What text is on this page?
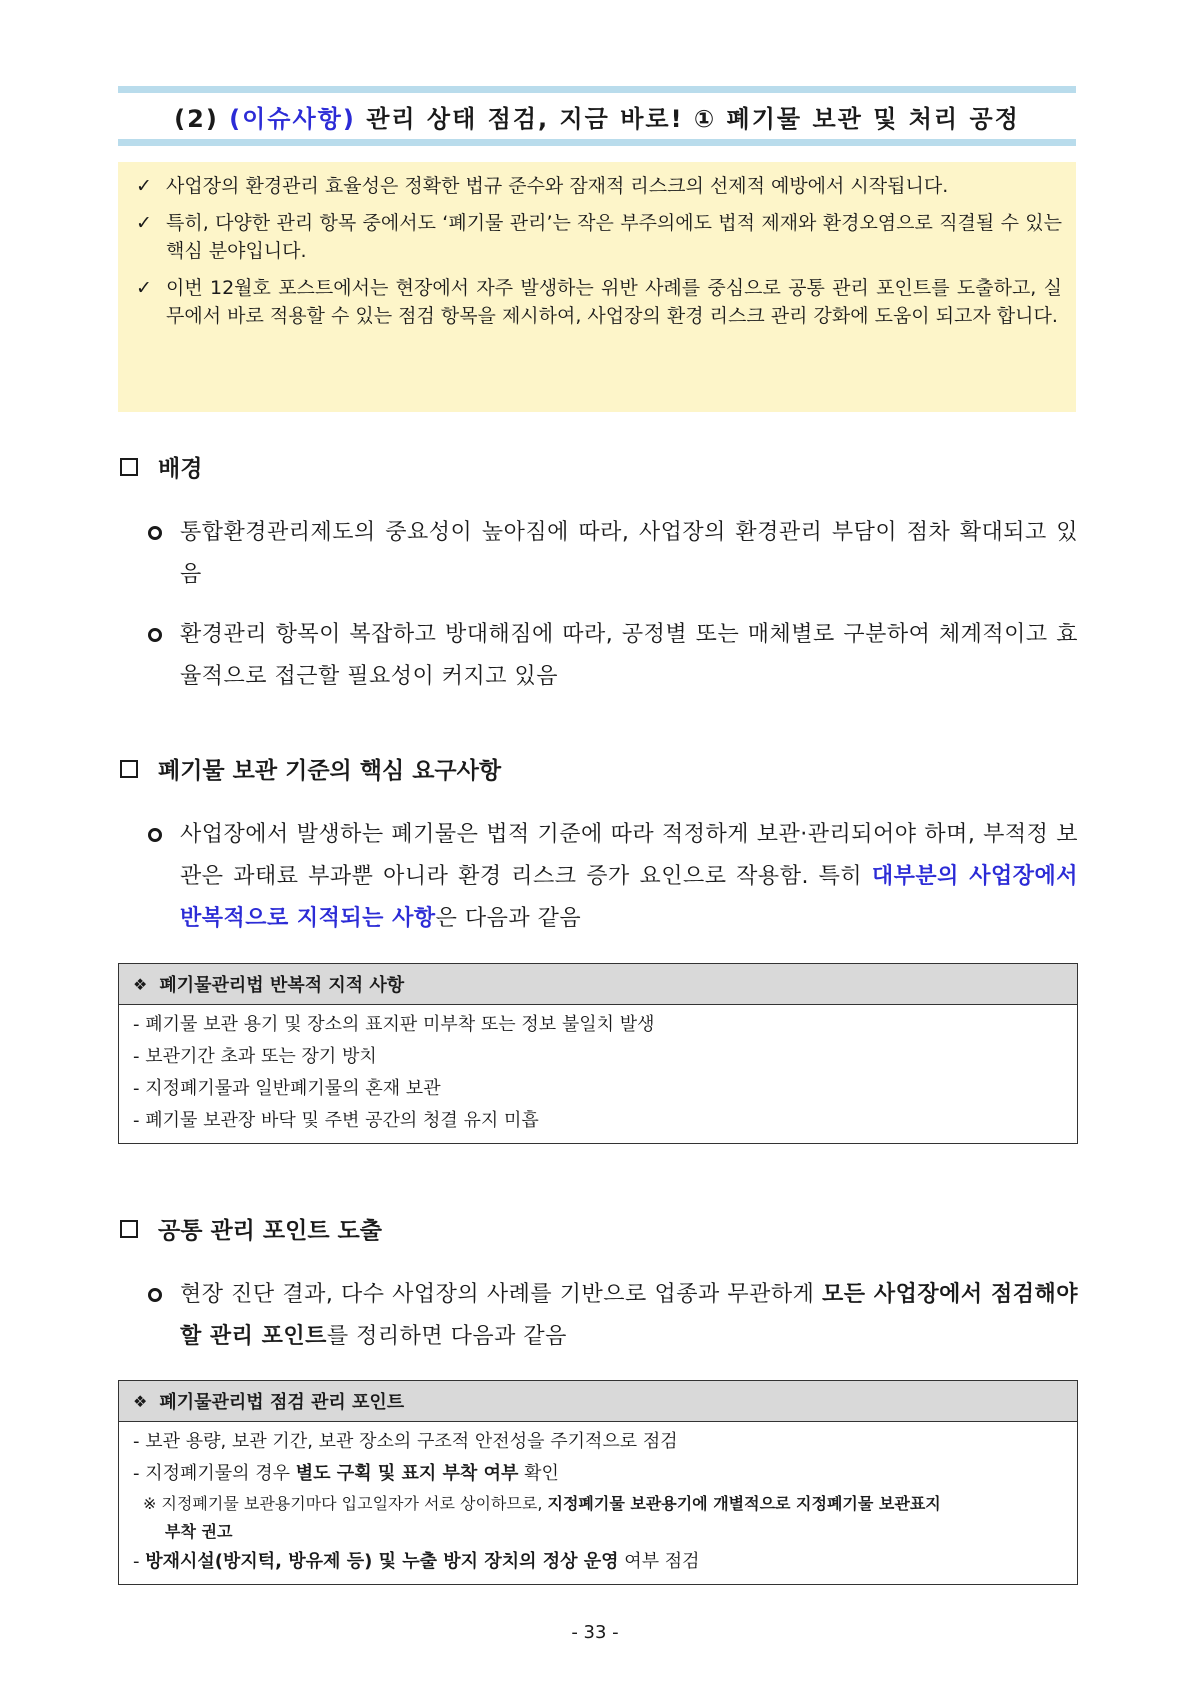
(2) (이슈사항) 관리 상태 점검, 지금 바로! ① 폐기물 보관 및 처리 공정
✓ 사업장의 환경관리 효율성은 정확한 법규 준수와 잠재적 리스크의 선제적 예방에서 시작됩니다.
✓ 특히, 다양한 관리 항목 중에서도 ‘폐기물 관리’는 작은 부주의에도 법적 제재와 환경오염으로 직결될 수 있는 핵심 분야입니다.
✓ 이번 12월호 포스트에서는 현장에서 자주 발생하는 위반 사례를 중심으로 공통 관리 포인트를 도출하고, 실무에서 바로 적용할 수 있는 점검 항목을 제시하여, 사업장의 환경 리스크 관리 강화에 도움이 되고자 합니다.
배경
통합환경관리제도의 중요성이 높아짐에 따라, 사업장의 환경관리 부담이 점차 확대되고 있음
환경관리 항목이 복잡하고 방대해짐에 따라, 공정별 또는 매체별로 구분하여 체계적이고 효율적으로 접근할 필요성이 커지고 있음
폐기물 보관 기준의 핵심 요구사항
사업장에서 발생하는 폐기물은 법적 기준에 따라 적정하게 보관·관리되어야 하며, 부적정 보관은 과태료 부과뿐 아니라 환경 리스크 증가 요인으로 작용함. 특히 대부분의 사업장에서 반복적으로 지적되는 사항은 다음과 같음
❖ 폐기물관리법 반복적 지적 사항
- 폐기물 보관 용기 및 장소의 표지판 미부착 또는 정보 불일치 발생
- 보관기간 초과 또는 장기 방치
- 지정폐기물과 일반폐기물의 혼재 보관
- 폐기물 보관장 바닥 및 주변 공간의 청결 유지 미흡
공통 관리 포인트 도출
현장 진단 결과, 다수 사업장의 사례를 기반으로 업종과 무관하게 모든 사업장에서 점검해야 할 관리 포인트를 정리하면 다음과 같음
❖ 폐기물관리법 점검 관리 포인트
- 보관 용량, 보관 기간, 보관 장소의 구조적 안전성을 주기적으로 점검
- 지정폐기물의 경우 별도 구획 및 표지 부착 여부 확인
※ 지정폐기물 보관용기마다 입고일자가 서로 상이하므로, 지정폐기물 보관용기에 개별적으로 지정폐기물 보관표지
부착 권고
- 방재시설(방지턱, 방유제 등) 및 누출 방지 장치의 정상 운영 여부 점검
- 33 -
